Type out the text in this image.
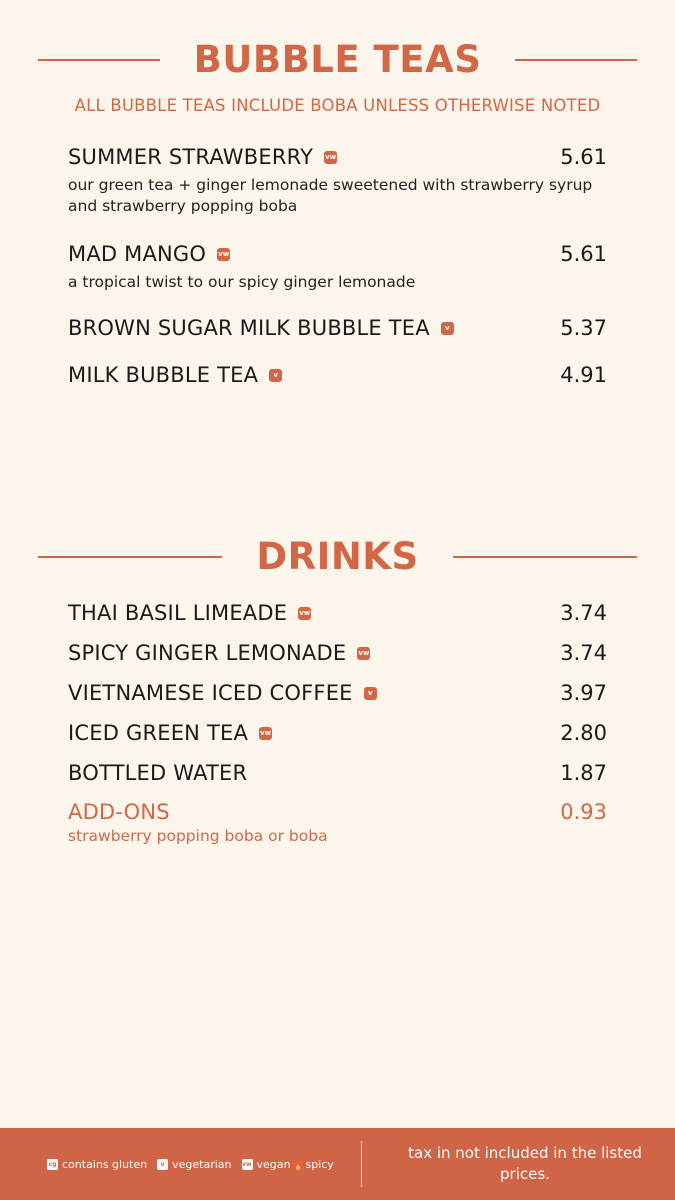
BUBBLE TEAS
ALL BUBBLE TEAS INCLUDE BOBA UNLESS OTHERWISE NOTED
SUMMER STRAWBERRY vw	5.61
our green tea + ginger lemonade sweetened with strawberry syrup and strawberry popping boba
MAD MANGO vw	5.61
a tropical twist to our spicy ginger lemonade
BROWN SUGAR MILK BUBBLE TEA	v	5.37
MILK BUBBLE TEA	v	4.91
DRINKS
THAI BASIL LIMEADE vw	3.74
SPICY GINGER LEMONADE vw	3.74
VIETNAMESE ICED COFFEE	v	3.97
ICED GREEN TEA vw	2.80
BOTTLED WATER	1.87
ADD-ONS	0.93
strawberry popping boba or boba
cg contains gluten	v vegetarian vw vegan spicy
tax in not included in the listed prices.
